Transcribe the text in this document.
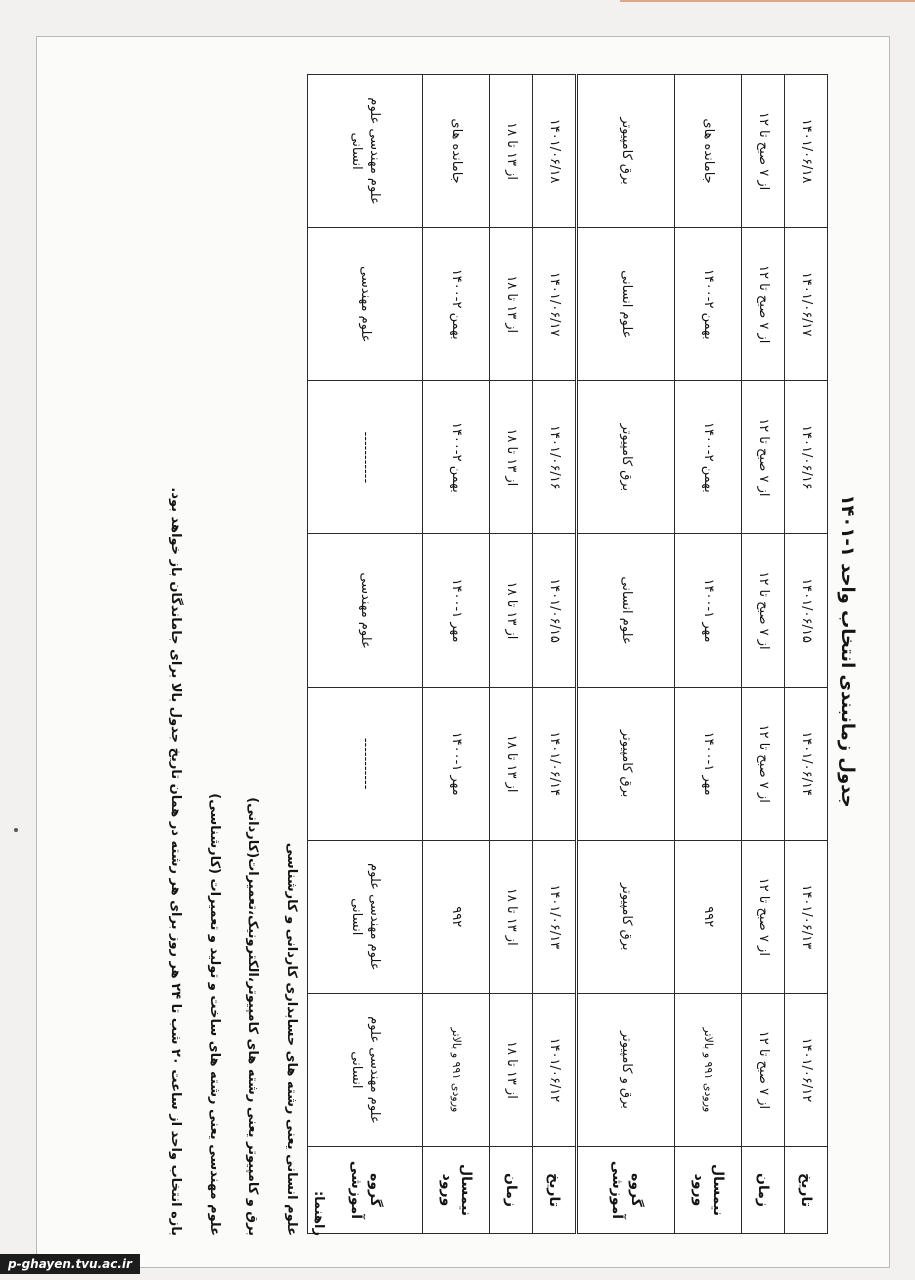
جدول زمانبندی انتخاب واحد ۱-۱۴۰۱
تاریخ	۱۴۰۱/۰۶/۱۲	۱۴۰۱/۰۶/۱۳	۱۴۰۱/۰۶/۱۴	۱۴۰۱/۰۶/۱۵	۱۴۰۱/۰۶/۱۶	۱۴۰۱/۰۶/۱۷	۱۴۰۱/۰۶/۱۸
زمان	از ۷ صبح تا ۱۲	از ۷ صبح تا ۱۲	از ۷ صبح تا ۱۲	از ۷ صبح تا ۱۲	از ۷ صبح تا ۱۲	از ۷ صبح تا ۱۲	از ۷ صبح تا ۱۲
نیمسال ورود	ورودی ۹۹۱ و بالاتر	۹۹۲	مهر ۱-۱۴۰۰	مهر ۱-۱۴۰۰	بهمن ۲-۱۴۰۰	بهمن ۲-۱۴۰۰	جامانده های
گروه آموزشی	برق و کامپیوتر	برق کامپیوتر	برق کامپیوتر	علوم انسانی	برق کامپیوتر	علوم انسانی	برق کامپیوتر
تاریخ	۱۴۰۱/۰۶/۱۲	۱۴۰۱/۰۶/۱۳	۱۴۰۱/۰۶/۱۴	۱۴۰۱/۰۶/۱۵	۱۴۰۱/۰۶/۱۶	۱۴۰۱/۰۶/۱۷	۱۴۰۱/۰۶/۱۸
زمان	از ۱۳ تا ۱۸	از ۱۳ تا ۱۸	از ۱۳ تا ۱۸	از ۱۳ تا ۱۸	از ۱۳ تا ۱۸	از ۱۳ تا ۱۸	از ۱۳ تا ۱۸
نیمسال ورود	ورودی ۹۹۱ و بالاتر	۹۹۲	مهر ۱-۱۴۰۰	مهر ۱-۱۴۰۰	بهمن ۲-۱۴۰۰	بهمن ۲-۱۴۰۰	جامانده های
گروه آموزشی	علوم مهندسی علوم انسانی	علوم مهندسی علوم انسانی	-----------	علوم مهندسی	-----------	علوم مهندسی	علوم مهندسی علوم انسانی

راهنما:

علوم انسانی یعنی رشته های حسابداری کاردانی و کارشناسی

برق و کامپیوتر یعنی رشته های کامپیوتر،الکترونیک،تعمیرات(کاردانی)

علوم مهندسی یعنی رشته های ساخت و تولید و تعمیرات (کارشناسی)

بازه انتخاب واحد از ساعت ۲۰ شب تا ۲۴ هر روز برای هر رشته در همان تاریخ جدول بالا برای جاماندگان باز خواهد بود.

p-ghayen.tvu.ac.ir
